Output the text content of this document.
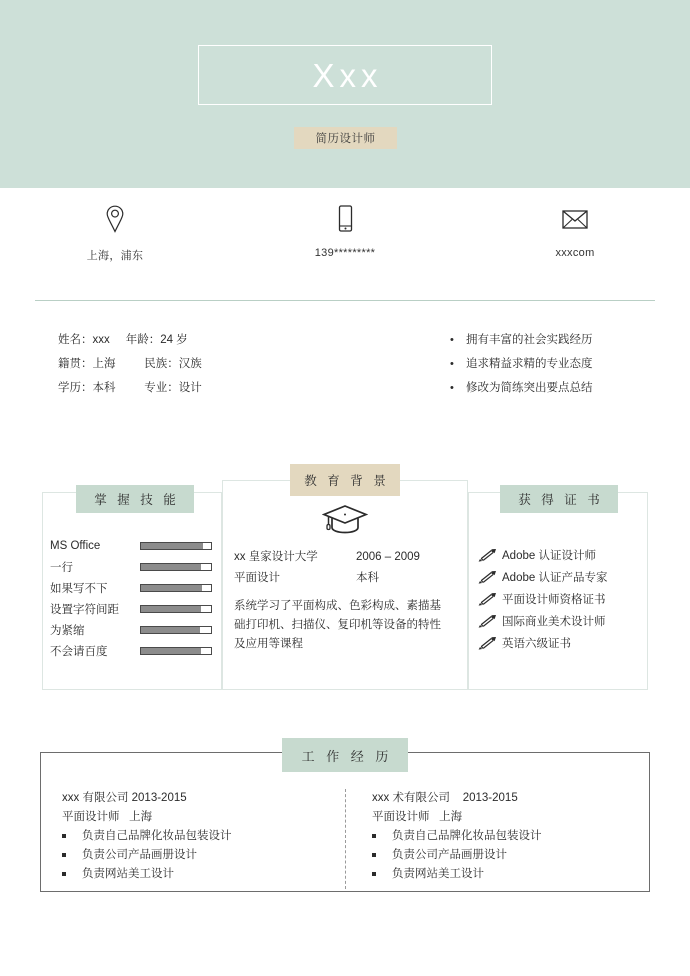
Xxx
简历设计师
上海，浦东	139*********	xxxcom
姓名：xxx     年龄：24 岁
籍贯：上海         民族：汉族
学历：本科         专业：设计
•	拥有丰富的社会实践经历
•	追求精益求精的专业态度
•	修改为简练突出要点总结
掌 握 技 能
教 育 背 景
获 得 证 书
MS Office
一行
如果写不下
设置字符间距
为紧缩
不会请百度
xx 皇家设计大学	2006 – 2009
平面设计	本科
系统学习了平面构成、色彩构成、素描基础打印机、扫描仪、复印机等设备的特性及应用等课程
Adobe 认证设计师
Adobe 认证产品专家
平面设计师资格证书
国际商业美术设计师
英语六级证书
工 作 经 历
xxx 有限公司 2013-2015
平面设计师   上海
负责自己品牌化妆品包装设计
负责公司产品画册设计
负责网站美工设计
xxx 术有限公司    2013-2015
平面设计师   上海
负责自己品牌化妆品包装设计
负责公司产品画册设计
负责网站美工设计
